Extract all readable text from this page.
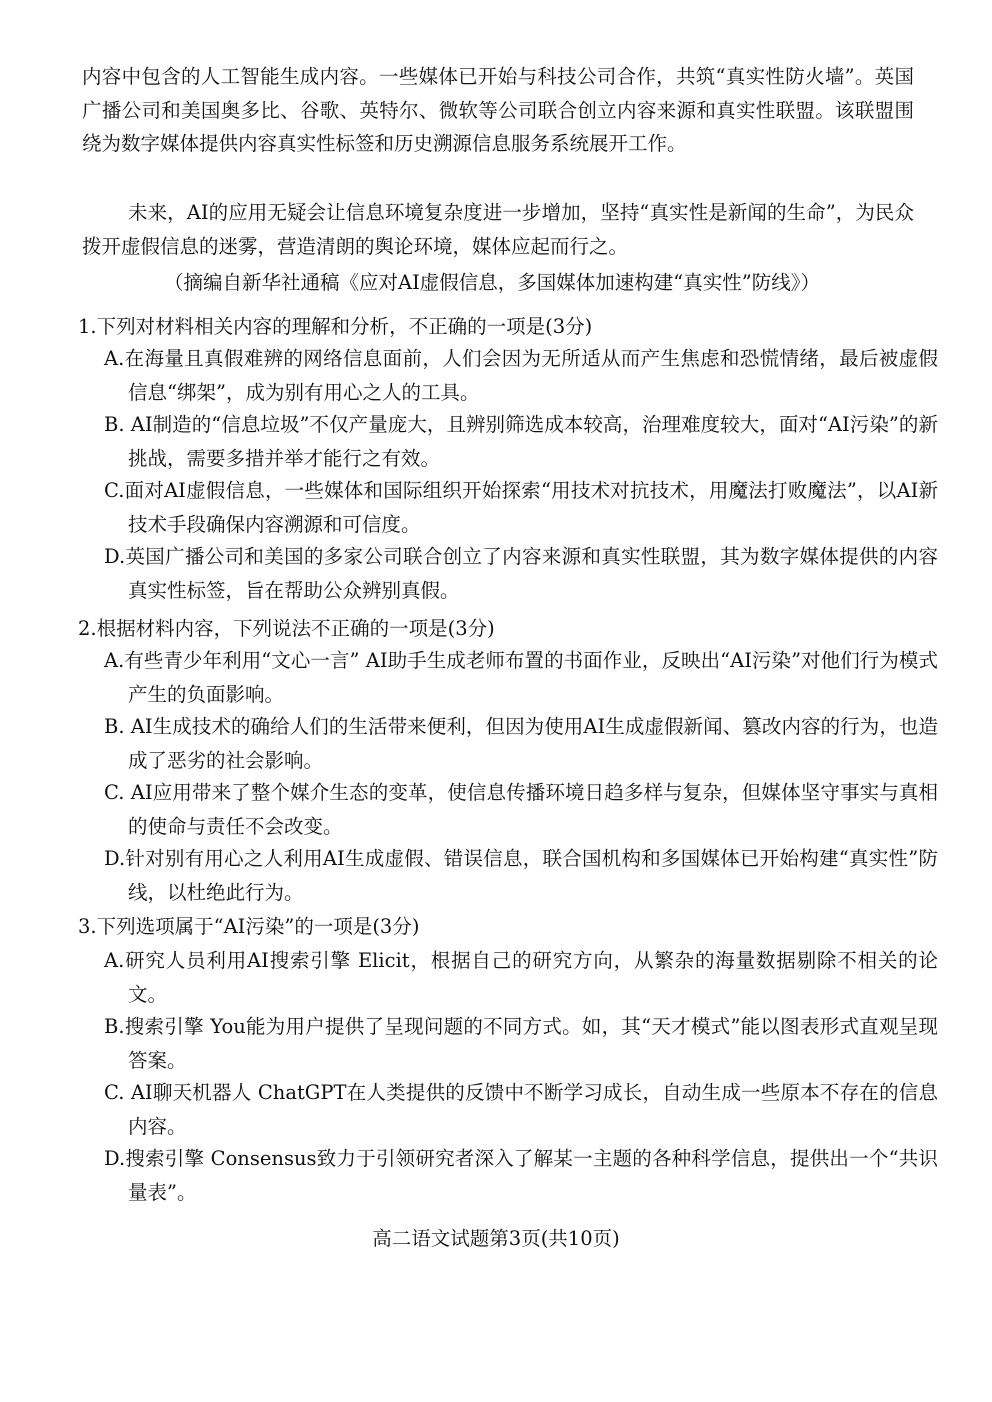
内容中包含的人工智能生成内容。一些媒体已开始与科技公司合作，共筑“真实性防火墙”。英国广播公司和美国奥多比、谷歌、英特尔、微软等公司联合创立内容来源和真实性联盟。该联盟围绕为数字媒体提供内容真实性标签和历史溯源信息服务系统展开工作。

未来，AI的应用无疑会让信息环境复杂度进一步增加，坚持“真实性是新闻的生命”，为民众拨开虚假信息的迷雾，营造清朗的舆论环境，媒体应起而行之。

（摘编自新华社通稿《应对AI虚假信息，多国媒体加速构建“真实性”防线》）

1.下列对材料相关内容的理解和分析，不正确的一项是(3分)

A.在海量且真假难辨的网络信息面前，人们会因为无所适从而产生焦虑和恐慌情绪，最后被虚假信息“绑架”，成为别有用心之人的工具。

B. AI制造的“信息垃圾”不仅产量庞大，且辨别筛选成本较高，治理难度较大，面对“AI污染”的新挑战，需要多措并举才能行之有效。

C.面对AI虚假信息，一些媒体和国际组织开始探索“用技术对抗技术，用魔法打败魔法”，以AI新技术手段确保内容溯源和可信度。

D.英国广播公司和美国的多家公司联合创立了内容来源和真实性联盟，其为数字媒体提供的内容真实性标签，旨在帮助公众辨别真假。

2.根据材料内容，下列说法不正确的一项是(3分)

A.有些青少年利用“文心一言” AI助手生成老师布置的书面作业，反映出“AI污染”对他们行为模式产生的负面影响。

B. AI生成技术的确给人们的生活带来便利，但因为使用AI生成虚假新闻、篡改内容的行为，也造成了恶劣的社会影响。

C. AI应用带来了整个媒介生态的变革，使信息传播环境日趋多样与复杂，但媒体坚守事实与真相的使命与责任不会改变。

D.针对别有用心之人利用AI生成虚假、错误信息，联合国机构和多国媒体已开始构建“真实性”防线，以杜绝此行为。

3.下列选项属于“AI污染”的一项是(3分)

A.研究人员利用AI搜索引擎 Elicit，根据自己的研究方向，从繁杂的海量数据剔除不相关的论文。

B.搜索引擎 You能为用户提供了呈现问题的不同方式。如，其“天才模式”能以图表形式直观呈现答案。

C. AI聊天机器人 ChatGPT在人类提供的反馈中不断学习成长，自动生成一些原本不存在的信息内容。

D.搜索引擎 Consensus致力于引领研究者深入了解某一主题的各种科学信息，提供出一个“共识量表”。

高二语文试题第3页(共10页)
